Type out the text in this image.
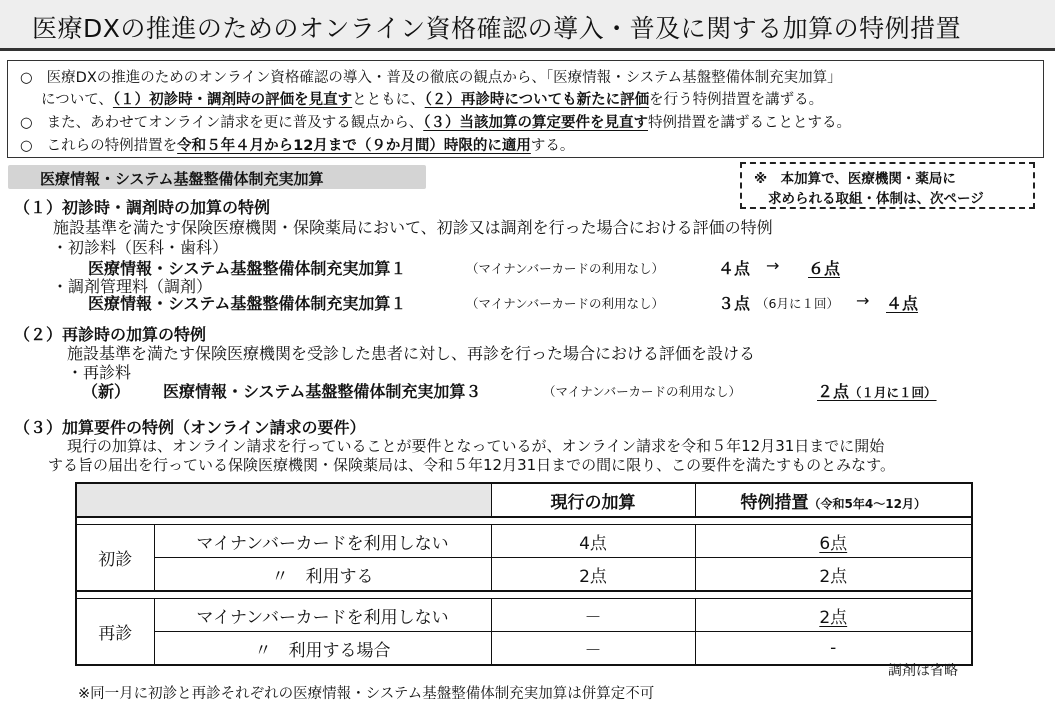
医療DXの推進のためのオンライン資格確認の導入・普及に関する加算の特例措置
○ 医療DXの推進のためのオンライン資格確認の導入・普及の徹底の観点から、「医療情報・システム基盤整備体制充実加算」
について、（１）初診時・調剤時の評価を見直すとともに、（２）再診時についても新たに評価を行う特例措置を講ずる。
○ また、あわせてオンライン請求を更に普及する観点から、（３）当該加算の算定要件を見直す特例措置を講ずることとする。
○ これらの特例措置を令和５年４月から12月まで（９か月間）時限的に適用する。
医療情報・システム基盤整備体制充実加算	※　本加算で、医療機関・薬局に
求められる取組・体制は、次ページ
（１）初診時・調剤時の加算の特例
施設基準を満たす保険医療機関・保険薬局において、初診又は調剤を行った場合における評価の特例
・初診料（医科・歯科）
医療情報・システム基盤整備体制充実加算１	（マイナンバーカードの利用なし）	４点 → ６点
・調剤管理料（調剤）
医療情報・システム基盤整備体制充実加算１	（マイナンバーカードの利用なし）	３点 （6月に１回） → ４点
（２）再診時の加算の特例
施設基準を満たす保険医療機関を受診した患者に対し、再診を行った場合における評価を設ける
・再診料
（新） 医療情報・システム基盤整備体制充実加算３	（マイナンバーカードの利用なし）	２点（１月に１回）
（３）加算要件の特例（オンライン請求の要件）
現行の加算は、オンライン請求を行っていることが要件となっているが、オンライン請求を令和５年12月31日までに開始
する旨の届出を行っている保険医療機関・保険薬局は、令和５年12月31日までの間に限り、この要件を満たすものとみなす。
		現行の加算	特例措置（令和5年4～12月）

初診	マイナンバーカードを利用しない	4点	6点
	〃　利用する	2点	2点

再診	マイナンバーカードを利用しない	－	2点
	〃　利用する場合	－	-
調剤は省略
※同一月に初診と再診それぞれの医療情報・システム基盤整備体制充実加算は併算定不可
